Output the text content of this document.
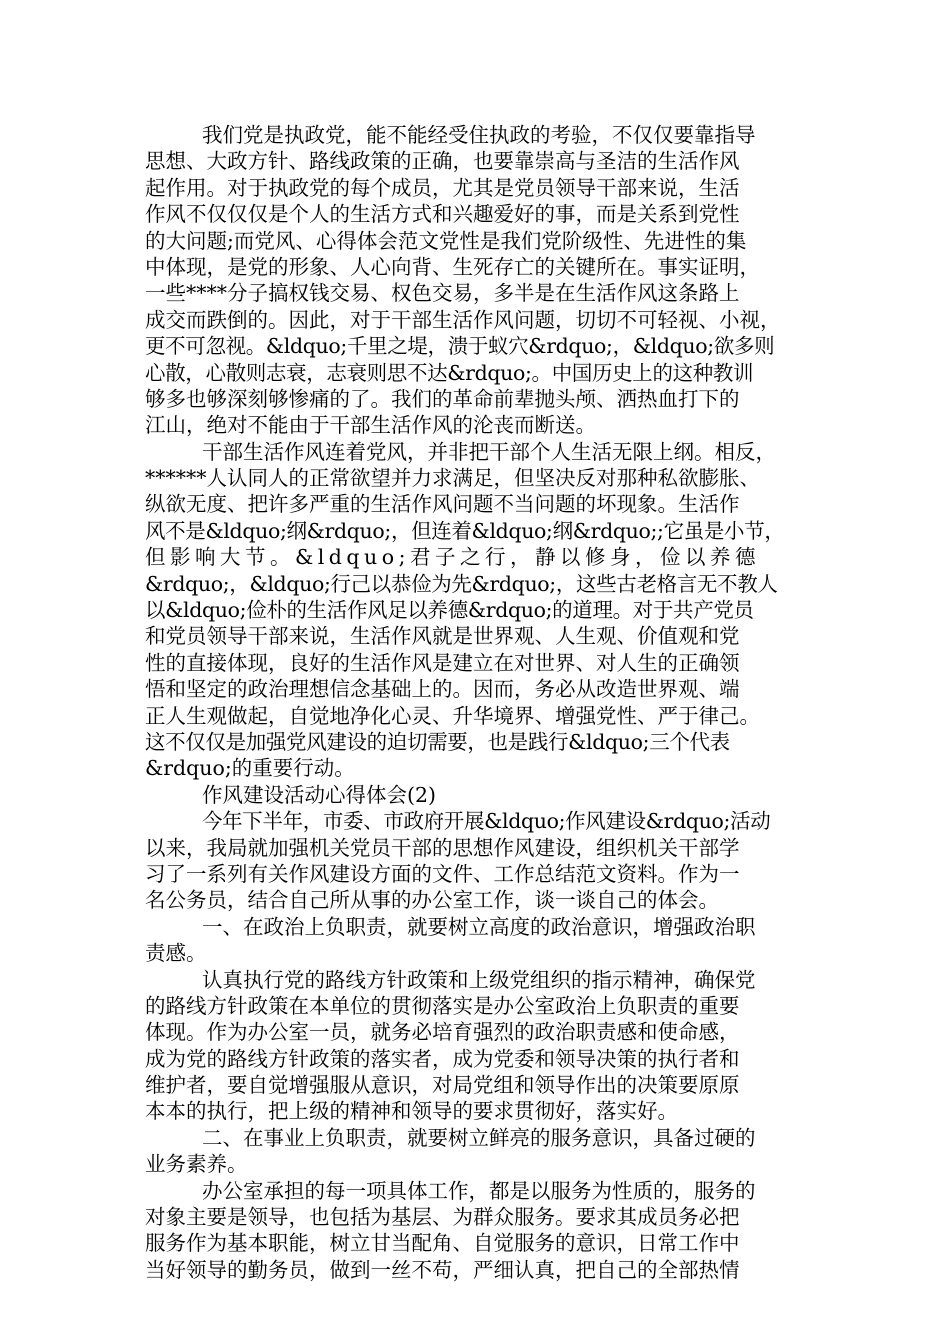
我们党是执政党，能不能经受住执政的考验，不仅仅要靠指导
思想、大政方针、路线政策的正确，也要靠崇高与圣洁的生活作风
起作用。对于执政党的每个成员，尤其是党员领导干部来说，生活
作风不仅仅仅是个人的生活方式和兴趣爱好的事，而是关系到党性
的大问题;而党风、心得体会范文党性是我们党阶级性、先进性的集
中体现，是党的形象、人心向背、生死存亡的关键所在。事实证明，
一些****分子搞权钱交易、权色交易，多半是在生活作风这条路上
成交而跌倒的。因此，对于干部生活作风问题，切切不可轻视、小视，
更不可忽视。&ldquo;千里之堤，溃于蚁穴&rdquo;，&ldquo;欲多则
心散，心散则志衰，志衰则思不达&rdquo;。中国历史上的这种教训
够多也够深刻够惨痛的了。我们的革命前辈抛头颅、洒热血打下的
江山，绝对不能由于干部生活作风的沦丧而断送。
干部生活作风连着党风，并非把干部个人生活无限上纲。相反，
******人认同人的正常欲望并力求满足，但坚决反对那种私欲膨胀、
纵欲无度、把许多严重的生活作风问题不当问题的坏现象。生活作
风不是&ldquo;纲&rdquo;，但连着&ldquo;纲&rdquo;;它虽是小节，
但影响大节。&ldquo;君子之行，静以修身，俭以养德
&rdquo;，&ldquo;行己以恭俭为先&rdquo;，这些古老格言无不教人
以&ldquo;俭朴的生活作风足以养德&rdquo;的道理。对于共产党员
和党员领导干部来说，生活作风就是世界观、人生观、价值观和党
性的直接体现，良好的生活作风是建立在对世界、对人生的正确领
悟和坚定的政治理想信念基础上的。因而，务必从改造世界观、端
正人生观做起，自觉地净化心灵、升华境界、增强党性、严于律己。
这不仅仅是加强党风建设的迫切需要，也是践行&ldquo;三个代表
&rdquo;的重要行动。
作风建设活动心得体会(2)
今年下半年，市委、市政府开展&ldquo;作风建设&rdquo;活动
以来，我局就加强机关党员干部的思想作风建设，组织机关干部学
习了一系列有关作风建设方面的文件、工作总结范文资料。作为一
名公务员，结合自己所从事的办公室工作，谈一谈自己的体会。
一、在政治上负职责，就要树立高度的政治意识，增强政治职
责感。
认真执行党的路线方针政策和上级党组织的指示精神，确保党
的路线方针政策在本单位的贯彻落实是办公室政治上负职责的重要
体现。作为办公室一员，就务必培育强烈的政治职责感和使命感，
成为党的路线方针政策的落实者，成为党委和领导决策的执行者和
维护者，要自觉增强服从意识，对局党组和领导作出的决策要原原
本本的执行，把上级的精神和领导的要求贯彻好，落实好。
二、在事业上负职责，就要树立鲜亮的服务意识，具备过硬的
业务素养。
办公室承担的每一项具体工作，都是以服务为性质的，服务的
对象主要是领导，也包括为基层、为群众服务。要求其成员务必把
服务作为基本职能，树立甘当配角、自觉服务的意识，日常工作中
当好领导的勤务员，做到一丝不苟，严细认真，把自己的全部热情
